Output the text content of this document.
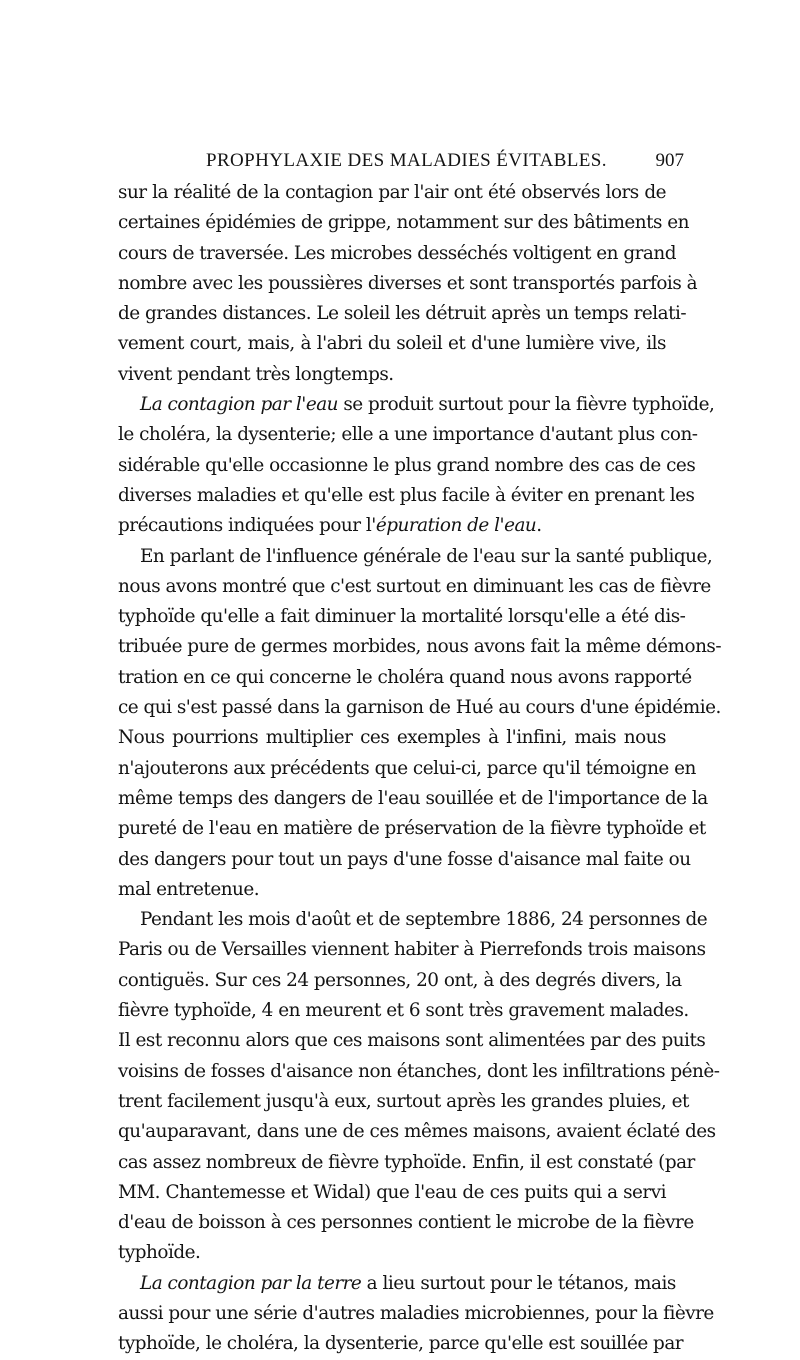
PROPHYLAXIE DES MALADIES ÉVITABLES.	907
sur la réalité de la contagion par l'air ont été observés lors de
certaines épidémies de grippe, notamment sur des bâtiments en
cours de traversée. Les microbes desséchés voltigent en grand
nombre avec les poussières diverses et sont transportés parfois à
de grandes distances. Le soleil les détruit après un temps relati-
vement court, mais, à l'abri du soleil et d'une lumière vive, ils
vivent pendant très longtemps.
La contagion par l'eau se produit surtout pour la fièvre typhoïde,
le choléra, la dysenterie; elle a une importance d'autant plus con-
sidérable qu'elle occasionne le plus grand nombre des cas de ces
diverses maladies et qu'elle est plus facile à éviter en prenant les
précautions indiquées pour l'épuration de l'eau.
En parlant de l'influence générale de l'eau sur la santé publique,
nous avons montré que c'est surtout en diminuant les cas de fièvre
typhoïde qu'elle a fait diminuer la mortalité lorsqu'elle a été dis-
tribuée pure de germes morbides, nous avons fait la même démons-
tration en ce qui concerne le choléra quand nous avons rapporté
ce qui s'est passé dans la garnison de Hué au cours d'une épidémie.
Nous pourrions multiplier ces exemples à l'infini, mais nous
n'ajouterons aux précédents que celui-ci, parce qu'il témoigne en
même temps des dangers de l'eau souillée et de l'importance de la
pureté de l'eau en matière de préservation de la fièvre typhoïde et
des dangers pour tout un pays d'une fosse d'aisance mal faite ou
mal entretenue.
Pendant les mois d'août et de septembre 1886, 24 personnes de
Paris ou de Versailles viennent habiter à Pierrefonds trois maisons
contiguës. Sur ces 24 personnes, 20 ont, à des degrés divers, la
fièvre typhoïde, 4 en meurent et 6 sont très gravement malades.
Il est reconnu alors que ces maisons sont alimentées par des puits
voisins de fosses d'aisance non étanches, dont les infiltrations pénè-
trent facilement jusqu'à eux, surtout après les grandes pluies, et
qu'auparavant, dans une de ces mêmes maisons, avaient éclaté des
cas assez nombreux de fièvre typhoïde. Enfin, il est constaté (par
MM. Chantemesse et Widal) que l'eau de ces puits qui a servi
d'eau de boisson à ces personnes contient le microbe de la fièvre
typhoïde.
La contagion par la terre a lieu surtout pour le tétanos, mais
aussi pour une série d'autres maladies microbiennes, pour la fièvre
typhoïde, le choléra, la dysenterie, parce qu'elle est souillée par
